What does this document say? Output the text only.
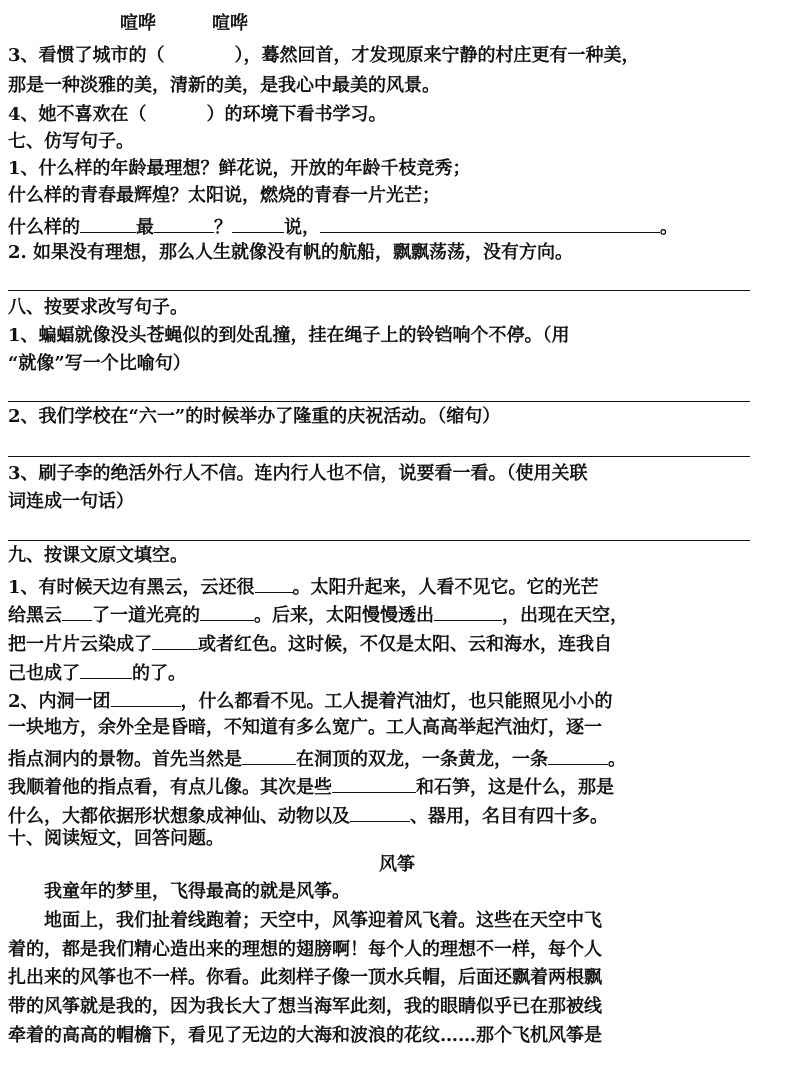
喧哗	喧哗
3、看惯了城市的（	），蓦然回首，才发现原来宁静的村庄更有一种美，
那是一种淡雅的美，清新的美，是我心中最美的风景。
4、她不喜欢在（	）的环境下看书学习。
七、仿写句子。
1、什么样的年龄最理想？鲜花说，开放的年龄千枝竞秀；
什么样的青春最辉煌？太阳说，燃烧的青春一片光芒；
什么样的	最	？	说，	。
2. 如果没有理想，那么人生就像没有帆的航船，飘飘荡荡，没有方向。
八、按要求改写句子。
1、蝙蝠就像没头苍蝇似的到处乱撞，挂在绳子上的铃铛响个不停。（用
“就像”写一个比喻句）
2、我们学校在“六一”的时候举办了隆重的庆祝活动。（缩句）
3、刷子李的绝活外行人不信。连内行人也不信，说要看一看。（使用关联
词连成一句话）
九、按课文原文填空。
1、有时候天边有黑云，云还很 。太阳升起来，人看不见它。它的光芒
给黑云 了一道光亮的	。后来，太阳慢慢透出	，出现在天空，
把一片片云染成了	或者红色。这时候，不仅是太阳、云和海水，连我自
己也成了	的了。
2、内洞一团	，什么都看不见。工人提着汽油灯，也只能照见小小的
一块地方，余外全是昏暗，不知道有多么宽广。工人高高举起汽油灯，逐一
指点洞内的景物。首先当然是	在洞顶的双龙，一条黄龙，一条	。
我顺着他的指点看，有点儿像。其次是些	和石笋，这是什么，那是
什么，大都依据形状想象成神仙、动物以及	、器用，名目有四十多。
十、阅读短文，回答问题。
风筝
我童年的梦里，飞得最高的就是风筝。
地面上，我们扯着线跑着；天空中，风筝迎着风飞着。这些在天空中飞
着的，都是我们精心造出来的理想的翅膀啊！每个人的理想不一样，每个人
扎出来的风筝也不一样。你看。此刻样子像一顶水兵帽，后面还飘着两根飘
带的风筝就是我的，因为我长大了想当海军此刻，我的眼睛似乎已在那被线
牵着的高高的帽檐下，看见了无边的大海和波浪的花纹……那个飞机风筝是
